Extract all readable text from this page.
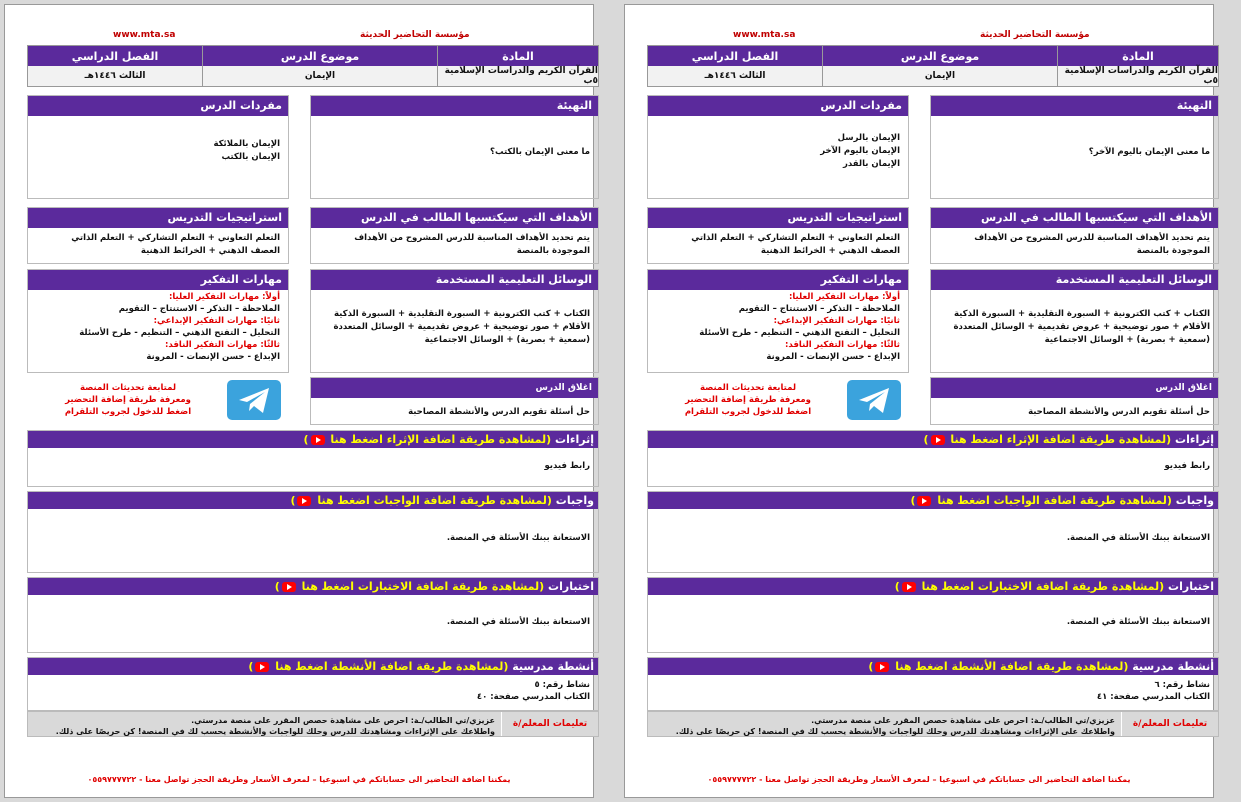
www.mta.sa	مؤسسة التحاضير الحديثة
المادة
القرآن الكريم والدراسات الإسلامية ٥ب
موضوع الدرس
الإيمان
الفصل الدراسي
الثالث ١٤٤٦هـ
التهيئة
ما معنى الإيمان بالكتب؟
مفردات الدرس
الإيمان بالملائكة
الإيمان بالكتب
الأهداف التي سيكتسبها الطالب في الدرس
يتم تحديد الأهداف المناسبة للدرس المشروح من الأهداف الموجودة بالمنصة
استراتيجيات التدريس
التعلم التعاوني + التعلم التشاركي + التعلم الذاتي
العصف الذهني + الخرائط الذهنية
الوسائل التعليمية المستخدمة
الكتاب + كتب الكترونية + السبورة التقليدية + السبورة الذكية
الأقلام + صور توضيحية + عروض تقديمية + الوسائل المتعددة
(سمعية + بصرية) + الوسائل الاجتماعية
مهارات التفكير
أولاً: مهارات التفكير العليا:
الملاحظة – التذكر – الاستنتاج – التقويم
ثانيًا: مهارات التفكير الإبداعي:
التحليل – التفتح الذهني – التنظيم - طرح الأسئلة
ثالثًا: مهارات التفكير الناقد:
الإبداع - حسن الإنصات - المرونة
لمتابعة تحديثات المنصة
ومعرفة طريقة إضافة التحضير
اضغط للدخول لجروب التلقرام
اغلاق الدرس
حل أسئلة تقويم الدرس والأنشطة المصاحبة
إثراءات (لمشاهدة طريقة اضافة الإثراء اضغط هنا )
رابط فيديو
واجبات (لمشاهدة طريقة اضافة الواجبات اضغط هنا )
الاستعانة ببنك الأسئلة في المنصة.
اختبارات (لمشاهدة طريقة اضافة الاختبارات اضغط هنا )
الاستعانة ببنك الأسئلة في المنصة.
أنشطة مدرسية (لمشاهدة طريقة اضافة الأنشطة اضغط هنا )
نشاط رقم: ٥
الكتاب المدرسي صفحة: ٤٠
تعليمات المعلم/ة
عزيزي/تي الطالب/ـة: احرص على مشاهدة حصص المقرر على منصة مدرستي.
واطلاعك على الإثراءات ومشاهدتك للدرس وحلك للواجبات والأنشطة يحسب لك في المنصة! كن حريصًا على ذلك.
يمكننا اضافة التحاضير الى حساباتكم في اسبوعيا – لمعرف الأسعار وطريقة الحجز تواصل معنا - ٠٥٥٩٧٧٧٧٢٢
www.mta.sa	مؤسسة التحاضير الحديثة
المادة
القرآن الكريم والدراسات الإسلامية ٥ب
موضوع الدرس
الإيمان
الفصل الدراسي
الثالث ١٤٤٦هـ
التهيئة
ما معنى الإيمان باليوم الآخر؟
مفردات الدرس
الإيمان بالرسل
الإيمان باليوم الآخر
الإيمان بالقدر
الأهداف التي سيكتسبها الطالب في الدرس
يتم تحديد الأهداف المناسبة للدرس المشروح من الأهداف الموجودة بالمنصة
استراتيجيات التدريس
التعلم التعاوني + التعلم التشاركي + التعلم الذاتي
العصف الذهني + الخرائط الذهنية
الوسائل التعليمية المستخدمة
الكتاب + كتب الكترونية + السبورة التقليدية + السبورة الذكية
الأقلام + صور توضيحية + عروض تقديمية + الوسائل المتعددة
(سمعية + بصرية) + الوسائل الاجتماعية
مهارات التفكير
أولاً: مهارات التفكير العليا:
الملاحظة – التذكر – الاستنتاج – التقويم
ثانيًا: مهارات التفكير الإبداعي:
التحليل – التفتح الذهني – التنظيم - طرح الأسئلة
ثالثًا: مهارات التفكير الناقد:
الإبداع - حسن الإنصات - المرونة
لمتابعة تحديثات المنصة
ومعرفة طريقة إضافة التحضير
اضغط للدخول لجروب التلقرام
اغلاق الدرس
حل أسئلة تقويم الدرس والأنشطة المصاحبة
إثراءات (لمشاهدة طريقة اضافة الإثراء اضغط هنا )
رابط فيديو
واجبات (لمشاهدة طريقة اضافة الواجبات اضغط هنا )
الاستعانة ببنك الأسئلة في المنصة.
اختبارات (لمشاهدة طريقة اضافة الاختبارات اضغط هنا )
الاستعانة ببنك الأسئلة في المنصة.
أنشطة مدرسية (لمشاهدة طريقة اضافة الأنشطة اضغط هنا )
نشاط رقم: ٦
الكتاب المدرسي صفحة: ٤١
تعليمات المعلم/ة
عزيزي/تي الطالب/ـة: احرص على مشاهدة حصص المقرر على منصة مدرستي.
واطلاعك على الإثراءات ومشاهدتك للدرس وحلك للواجبات والأنشطة يحسب لك في المنصة! كن حريصًا على ذلك.
يمكننا اضافة التحاضير الى حساباتكم في اسبوعيا – لمعرف الأسعار وطريقة الحجز تواصل معنا - ٠٥٥٩٧٧٧٧٢٢
